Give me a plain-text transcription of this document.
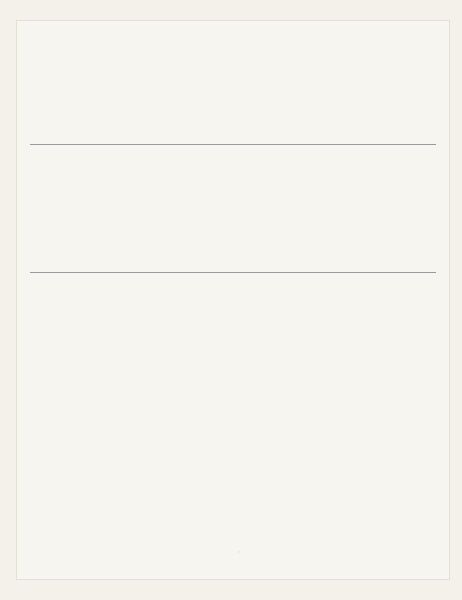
◦
